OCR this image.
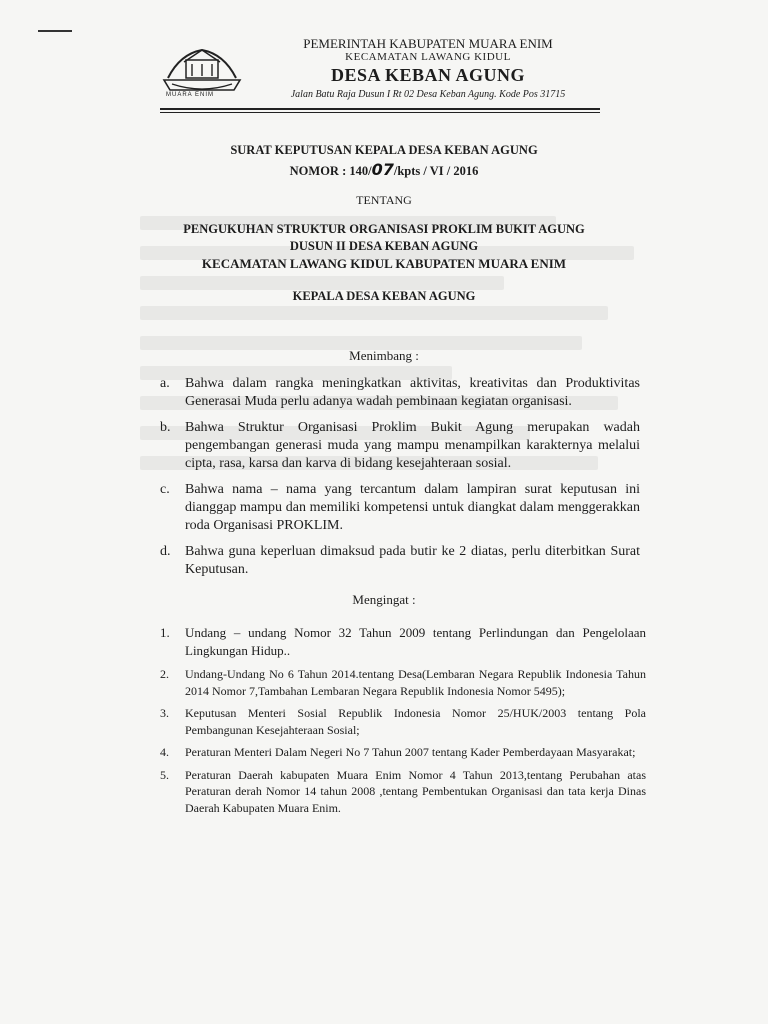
MUARA ENIM
PEMERINTAH KABUPATEN MUARA ENIM
KECAMATAN LAWANG KIDUL
DESA KEBAN AGUNG
Jalan Batu Raja Dusun I Rt 02 Desa Keban Agung. Kode Pos 31715
SURAT KEPUTUSAN KEPALA DESA KEBAN AGUNG
NOMOR : 140/07/kpts / VI / 2016
TENTANG
PENGUKUHAN STRUKTUR ORGANISASI PROKLIM BUKIT AGUNG
DUSUN II DESA KEBAN AGUNG
KECAMATAN LAWANG KIDUL KABUPATEN MUARA ENIM
KEPALA DESA KEBAN AGUNG
Menimbang :
a. Bahwa dalam rangka meningkatkan aktivitas, kreativitas dan Produktivitas Generasai Muda perlu adanya wadah pembinaan kegiatan organisasi.
b. Bahwa Struktur Organisasi Proklim Bukit Agung merupakan wadah pengembangan generasi muda yang mampu menampilkan karakternya melalui cipta, rasa, karsa dan karva di bidang kesejahteraan sosial.
c. Bahwa nama – nama yang tercantum dalam lampiran surat keputusan ini dianggap mampu dan memiliki kompetensi untuk diangkat dalam menggerakkan roda Organisasi PROKLIM.
d. Bahwa guna keperluan dimaksud pada butir ke 2 diatas, perlu diterbitkan Surat Keputusan.
Mengingat :
1. Undang – undang Nomor 32 Tahun 2009 tentang Perlindungan dan Pengelolaan Lingkungan Hidup..
2. Undang-Undang No 6 Tahun 2014.tentang Desa(Lembaran Negara Republik Indonesia Tahun 2014 Nomor 7,Tambahan Lembaran Negara Republik Indonesia Nomor 5495);
3. Keputusan Menteri Sosial Republik Indonesia Nomor 25/HUK/2003 tentang Pola Pembangunan Kesejahteraan Sosial;
4. Peraturan Menteri Dalam Negeri No 7 Tahun 2007 tentang Kader Pemberdayaan Masyarakat;
5. Peraturan Daerah kabupaten Muara Enim Nomor 4 Tahun 2013,tentang Perubahan atas Peraturan derah Nomor 14 tahun 2008 ,tentang Pembentukan Organisasi dan tata kerja Dinas Daerah Kabupaten Muara Enim.
